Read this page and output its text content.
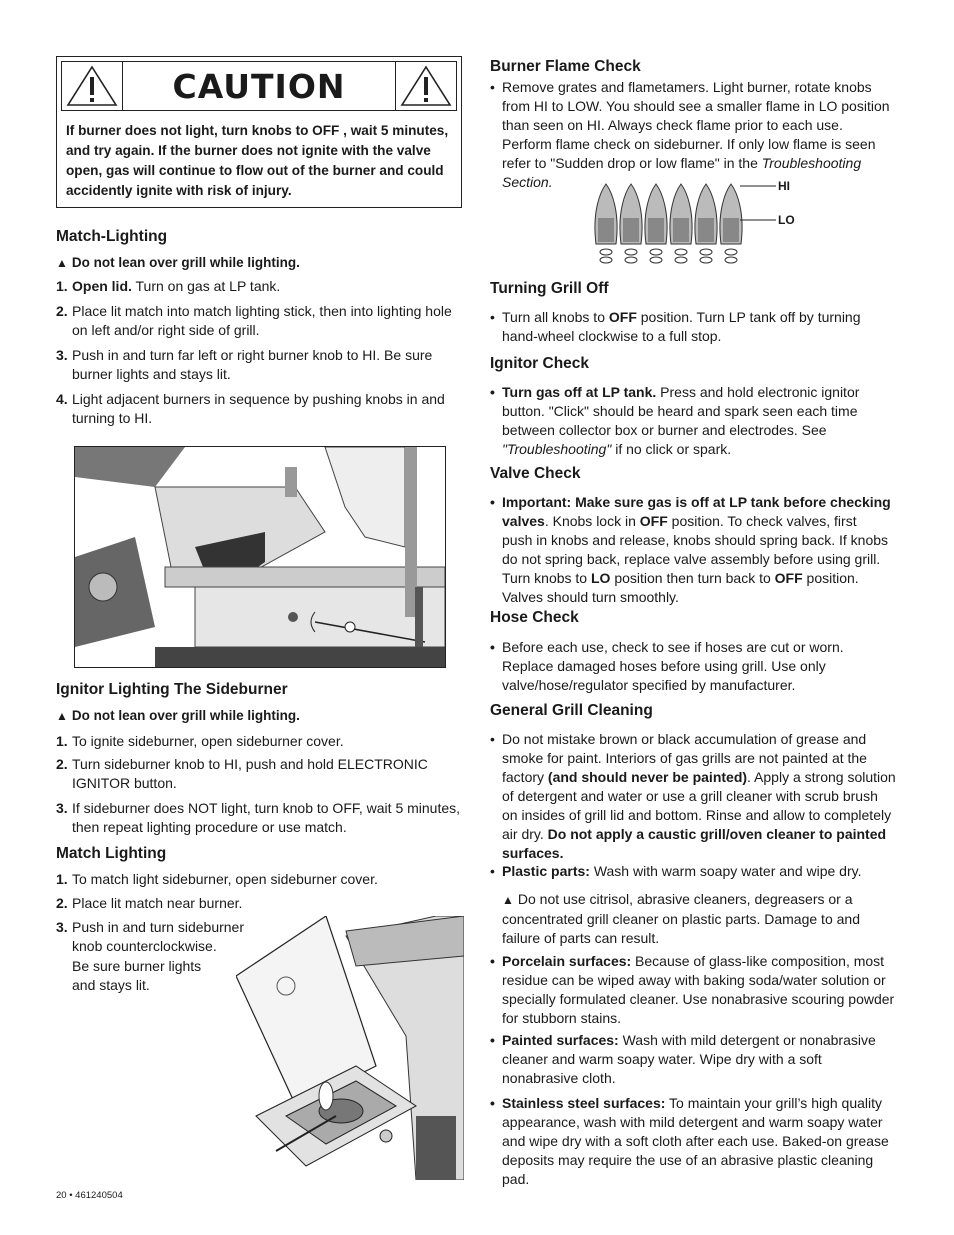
CAUTION
If burner does not light, turn knobs to OFF , wait 5 minutes, and try again. If the burner does not ignite with the valve open, gas will continue to flow out of the burner and could accidently ignite with risk of injury.
Match-Lighting
▲ Do not lean over grill while lighting.
1. Open lid. Turn on gas at LP tank.
2. Place lit match into match lighting stick, then into lighting hole
on left and/or right side of grill.
3. Push in and turn far left or right burner knob to HI. Be sure
burner lights and stays lit.
4. Light adjacent burners in sequence by pushing knobs in and
turning to HI.
Ignitor Lighting The Sideburner
▲ Do not lean over grill while lighting.
1. To ignite sideburner, open sideburner cover.
2. Turn sideburner knob to HI, push and hold ELECTRONIC
IGNITOR button.
3. If sideburner does NOT light, turn knob to OFF, wait 5 minutes,
then repeat lighting procedure or use match.
Match Lighting
1. To match light sideburner, open sideburner cover.
2. Place lit match near burner.
3. Push in and turn sideburner
knob counterclockwise.
Be sure burner lights
and stays lit.
Burner Flame Check
• Remove grates and flametamers. Light burner, rotate knobs
from HI to LOW. You should see a smaller flame in LO position
than seen on HI. Always check flame prior to each use.
Perform flame check on sideburner. If only low flame is seen
refer to "Sudden drop or low flame" in the Troubleshooting
Section.	HI
LO
Turning Grill Off
• Turn all knobs to OFF position. Turn LP tank off by turning
hand-wheel clockwise to a full stop.
Ignitor Check
• Turn gas off at LP tank. Press and hold electronic ignitor
button. "Click" should be heard and spark seen each time
between collector box or burner and electrodes. See
"Troubleshooting" if no click or spark.
Valve Check
• Important: Make sure gas is off at LP tank before checking
valves. Knobs lock in OFF position. To check valves, first
push in knobs and release, knobs should spring back. If knobs
do not spring back, replace valve assembly before using grill.
Turn knobs to LO position then turn back to OFF position.
Valves should turn smoothly.
Hose Check
• Before each use, check to see if hoses are cut or worn.
Replace damaged hoses before using grill. Use only
valve/hose/regulator specified by manufacturer.
General Grill Cleaning
• Do not mistake brown or black accumulation of grease and
smoke for paint. Interiors of gas grills are not painted at the
factory (and should never be painted). Apply a strong solution
of detergent and water or use a grill cleaner with scrub brush
on insides of grill lid and bottom. Rinse and allow to completely
air dry. Do not apply a caustic grill/oven cleaner to painted
surfaces.
• Plastic parts: Wash with warm soapy water and wipe dry.
▲ Do not use citrisol, abrasive cleaners, degreasers or a
concentrated grill cleaner on plastic parts. Damage to and
failure of parts can result.
• Porcelain surfaces: Because of glass-like composition, most
residue can be wiped away with baking soda/water solution or
specially formulated cleaner. Use nonabrasive scouring powder
for stubborn stains.
• Painted surfaces: Wash with mild detergent or nonabrasive
cleaner and warm soapy water. Wipe dry with a soft
nonabrasive cloth.
• Stainless steel surfaces: To maintain your grill’s high quality
appearance, wash with mild detergent and warm soapy water
and wipe dry with a soft cloth after each use. Baked-on grease
deposits may require the use of an abrasive plastic cleaning
pad.
20 • 461240504
